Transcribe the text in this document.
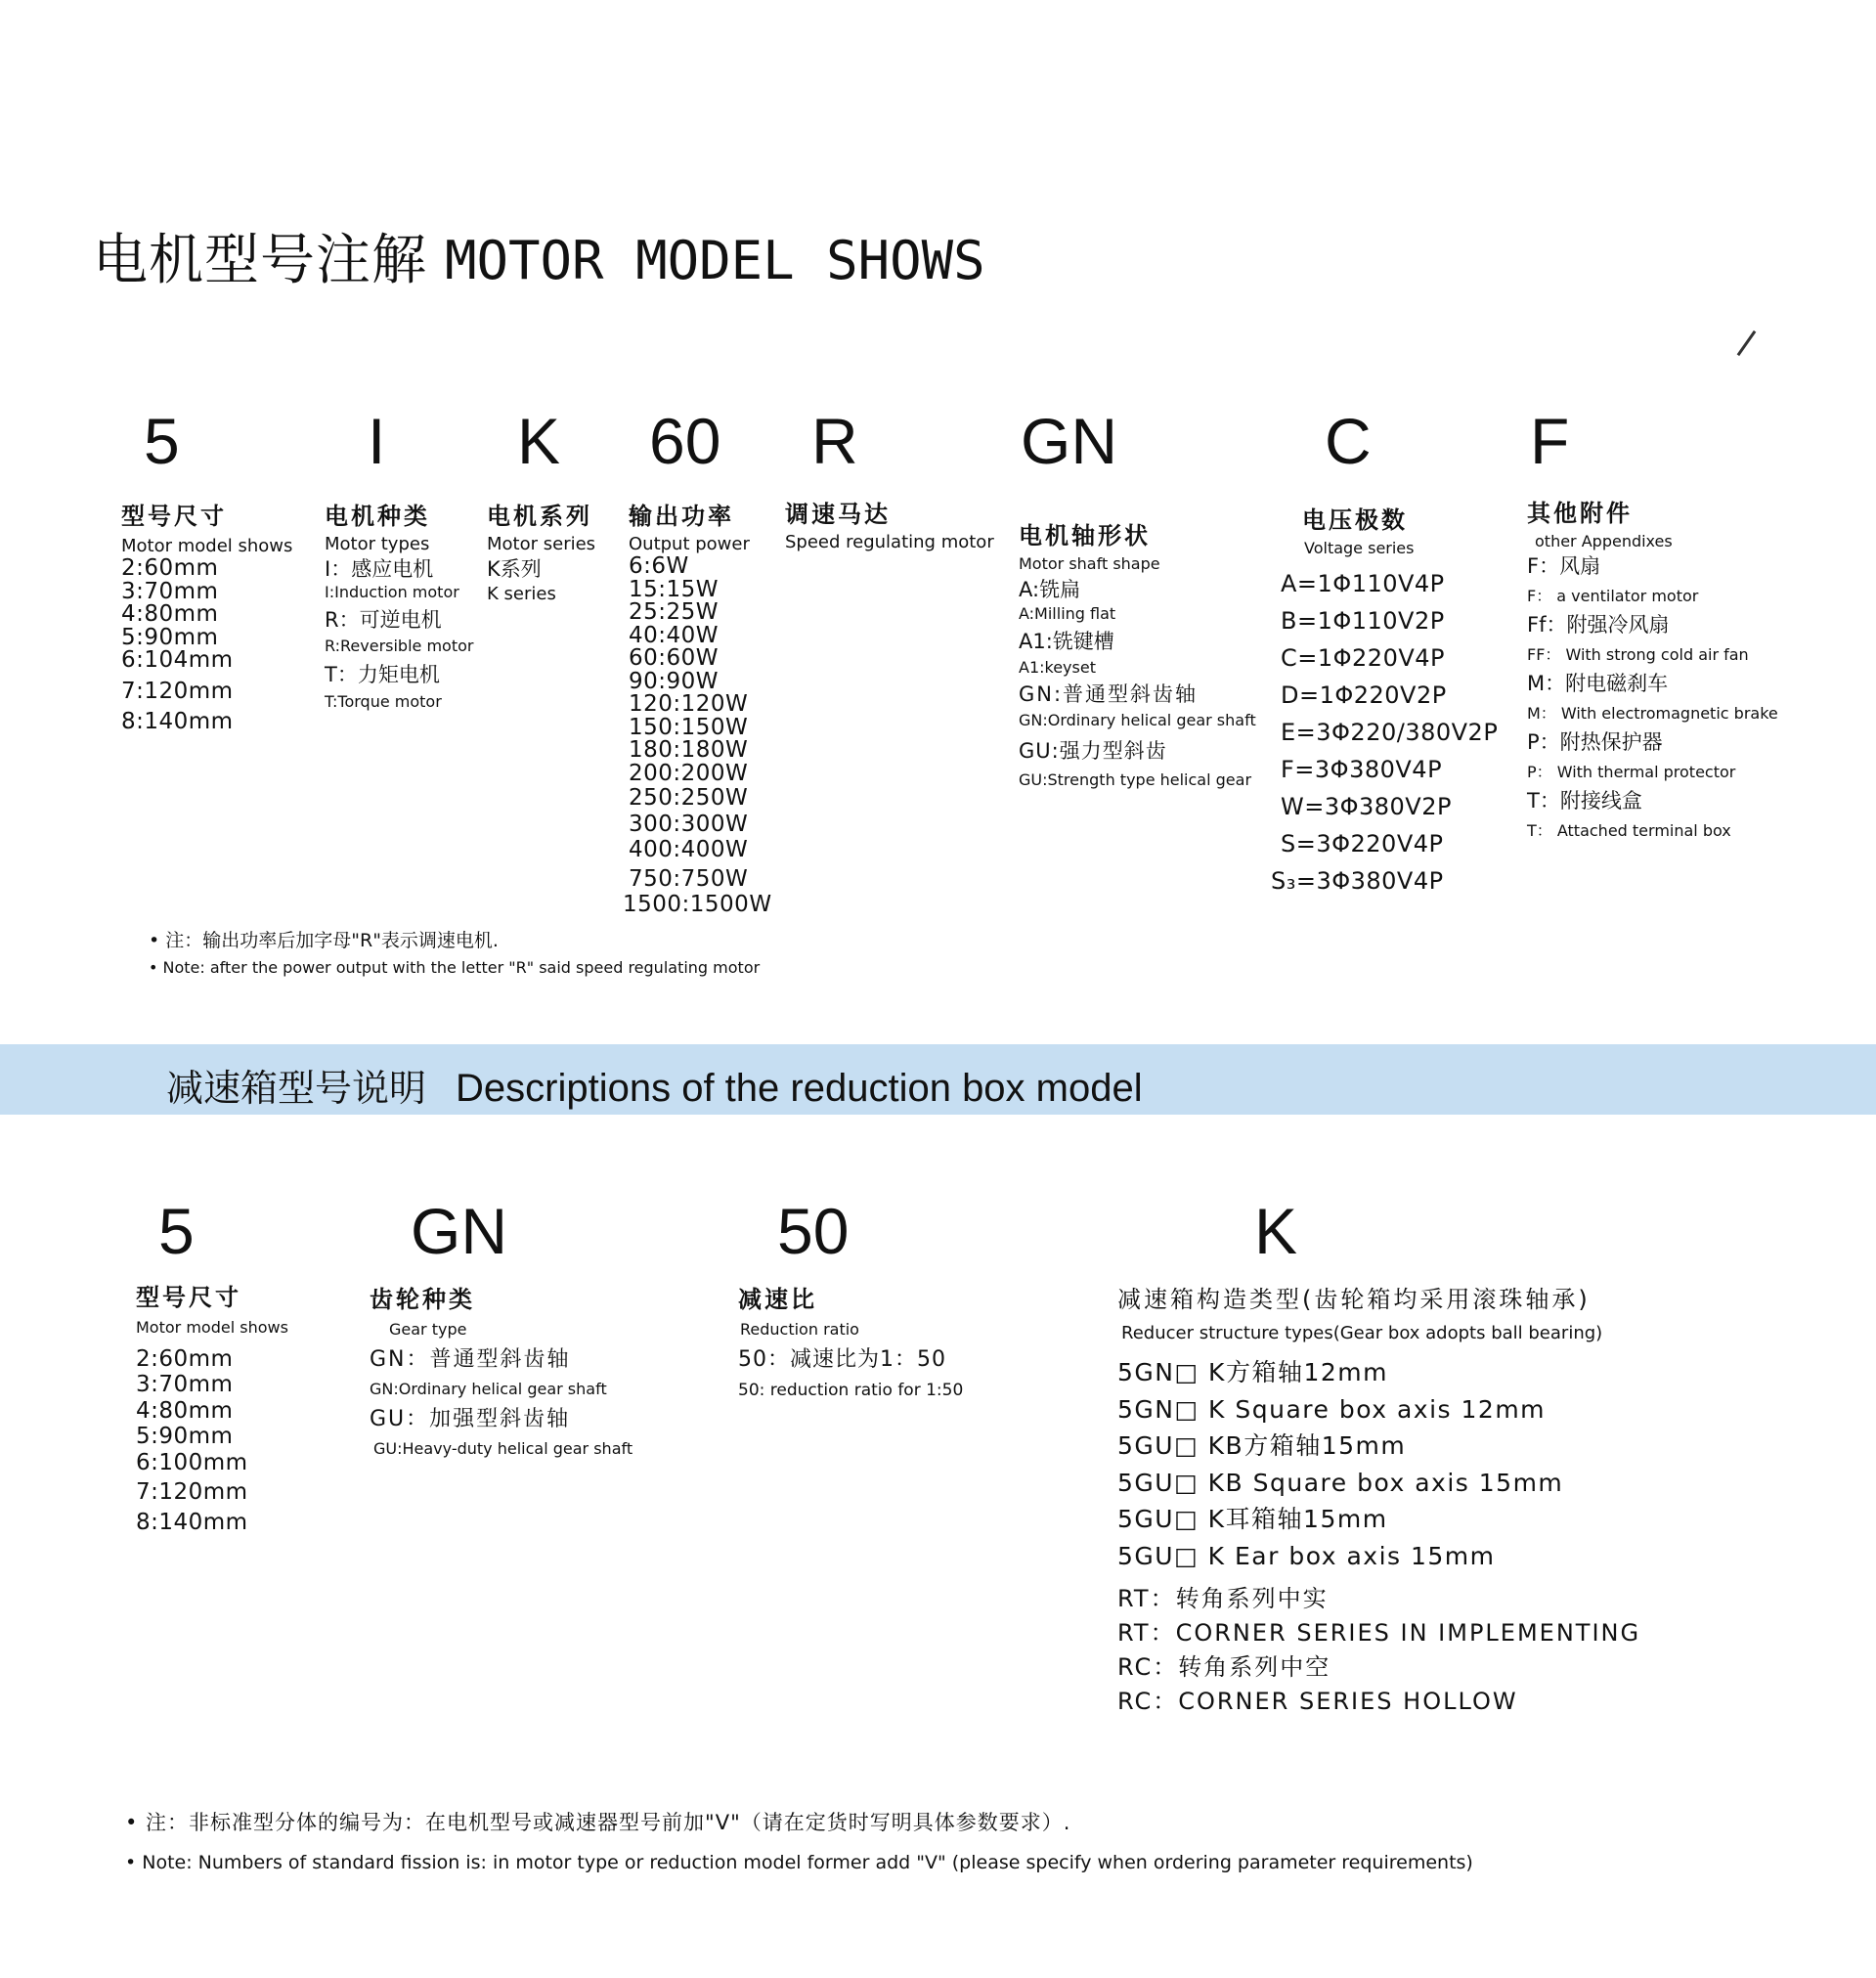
电机型号注解 MOTOR MODEL SHOWS
5	I K 60 R	GN	C F
型号尺寸
Motor model shows
2:60mm
3:70mm
4:80mm
5:90mm
6:104mm
7:120mm
8:140mm
电机种类
Motor types
I：感应电机
I:Induction motor
R：可逆电机
R:Reversible motor
T：力矩电机
T:Torque motor
电机系列
Motor series
K系列
K series
输出功率
Output power
6:6W
15:15W
25:25W
40:40W
60:60W
90:90W
120:120W
150:150W
180:180W
200:200W
250:250W
300:300W
400:400W
750:750W
1500:1500W
调速马达
Speed regulating motor 电机轴形状
Motor shaft shape
A:铣扁
A:Milling flat
A1:铣键槽
A1:keyset
GN:普通型斜齿轴
GN:Ordinary helical gear shaft
GU:强力型斜齿
GU:Strength type helical gear
电压极数
Voltage series
A=1Φ110V4P
B=1Φ110V2P
C=1Φ220V4P
D=1Φ220V2P
E=3Φ220/380V2P
F=3Φ380V4P
W=3Φ380V2P
S=3Φ220V4P
S₃=3Φ380V4P
其他附件
other Appendixes
F：风扇
F： a ventilator motor
Ff：附强冷风扇
FF： With strong cold air fan
M：附电磁刹车
M： With electromagnetic brake
P：附热保护器
P： With thermal protector
T：附接线盒
T： Attached terminal box
• 注：输出功率后加字母"R"表示调速电机.
• Note: after the power output with the letter "R" said speed regulating motor
减速箱型号说明 Descriptions of the reduction box model
5	GN	50	K
型号尺寸
Motor model shows
2:60mm
3:70mm
4:80mm
5:90mm
6:100mm
7:120mm
8:140mm
齿轮种类
Gear type
GN：普通型斜齿轴
GN:Ordinary helical gear shaft
GU：加强型斜齿轴
GU:Heavy-duty helical gear shaft
减速比
Reduction ratio
50：减速比为1：50
50: reduction ratio for 1:50
减速箱构造类型(齿轮箱均采用滚珠轴承)
Reducer structure types(Gear box adopts ball bearing)
5GN□ K方箱轴12mm
5GN□ K Square box axis 12mm
5GU□ KB方箱轴15mm
5GU□ KB Square box axis 15mm
5GU□ K耳箱轴15mm
5GU□ K Ear box axis 15mm
RT：转角系列中实
RT：CORNER SERIES IN IMPLEMENTING
RC：转角系列中空
RC：CORNER SERIES HOLLOW
• 注：非标准型分体的编号为：在电机型号或减速器型号前加"V"（请在定货时写明具体参数要求）.
• Note: Numbers of standard fission is: in motor type or reduction model former add "V" (please specify when ordering parameter requirements)
